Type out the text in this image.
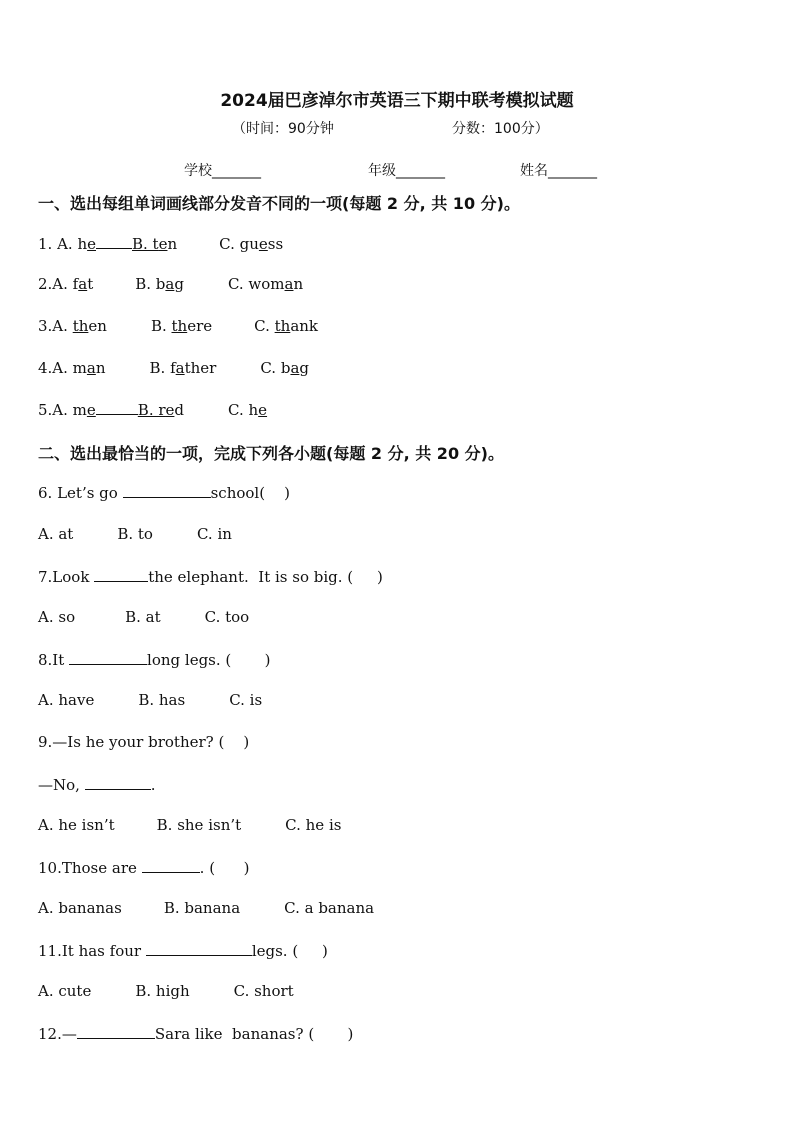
2024届巴彦淖尔市英语三下期中联考模拟试题
（时间：90分钟	分数：100分）
学校_______	年级_______	姓名_______
一、选出每组单词画线部分发音不同的一项(每题 2 分, 共 10 分)。
1. A. he B. ten	C. guess
2.A. fat	B. bag	C. woman
3.A. then	B. there	C. thank
4.A. man	B. father	C. bag
5.A. me	B. red	C. he
二、选出最恰当的一项，完成下列各小题(每题 2 分, 共 20 分)。
6. Let’s go	school(    )
A. at	B. to	C. in
7.Look	the elephant.  It is so big. (     )
A. so	B. at	C. too
8.It	long legs. (       )
A. have	B. has	C. is
9.—Is he your brother? (    )
—No,	.
A. he isn’t	B. she isn’t	C. he is
10.Those are	. (      )
A. bananas	B. banana	C. a banana
11.It has four	legs. (     )
A. cute	B. high	C. short
12.—	Sara like  bananas? (       )
